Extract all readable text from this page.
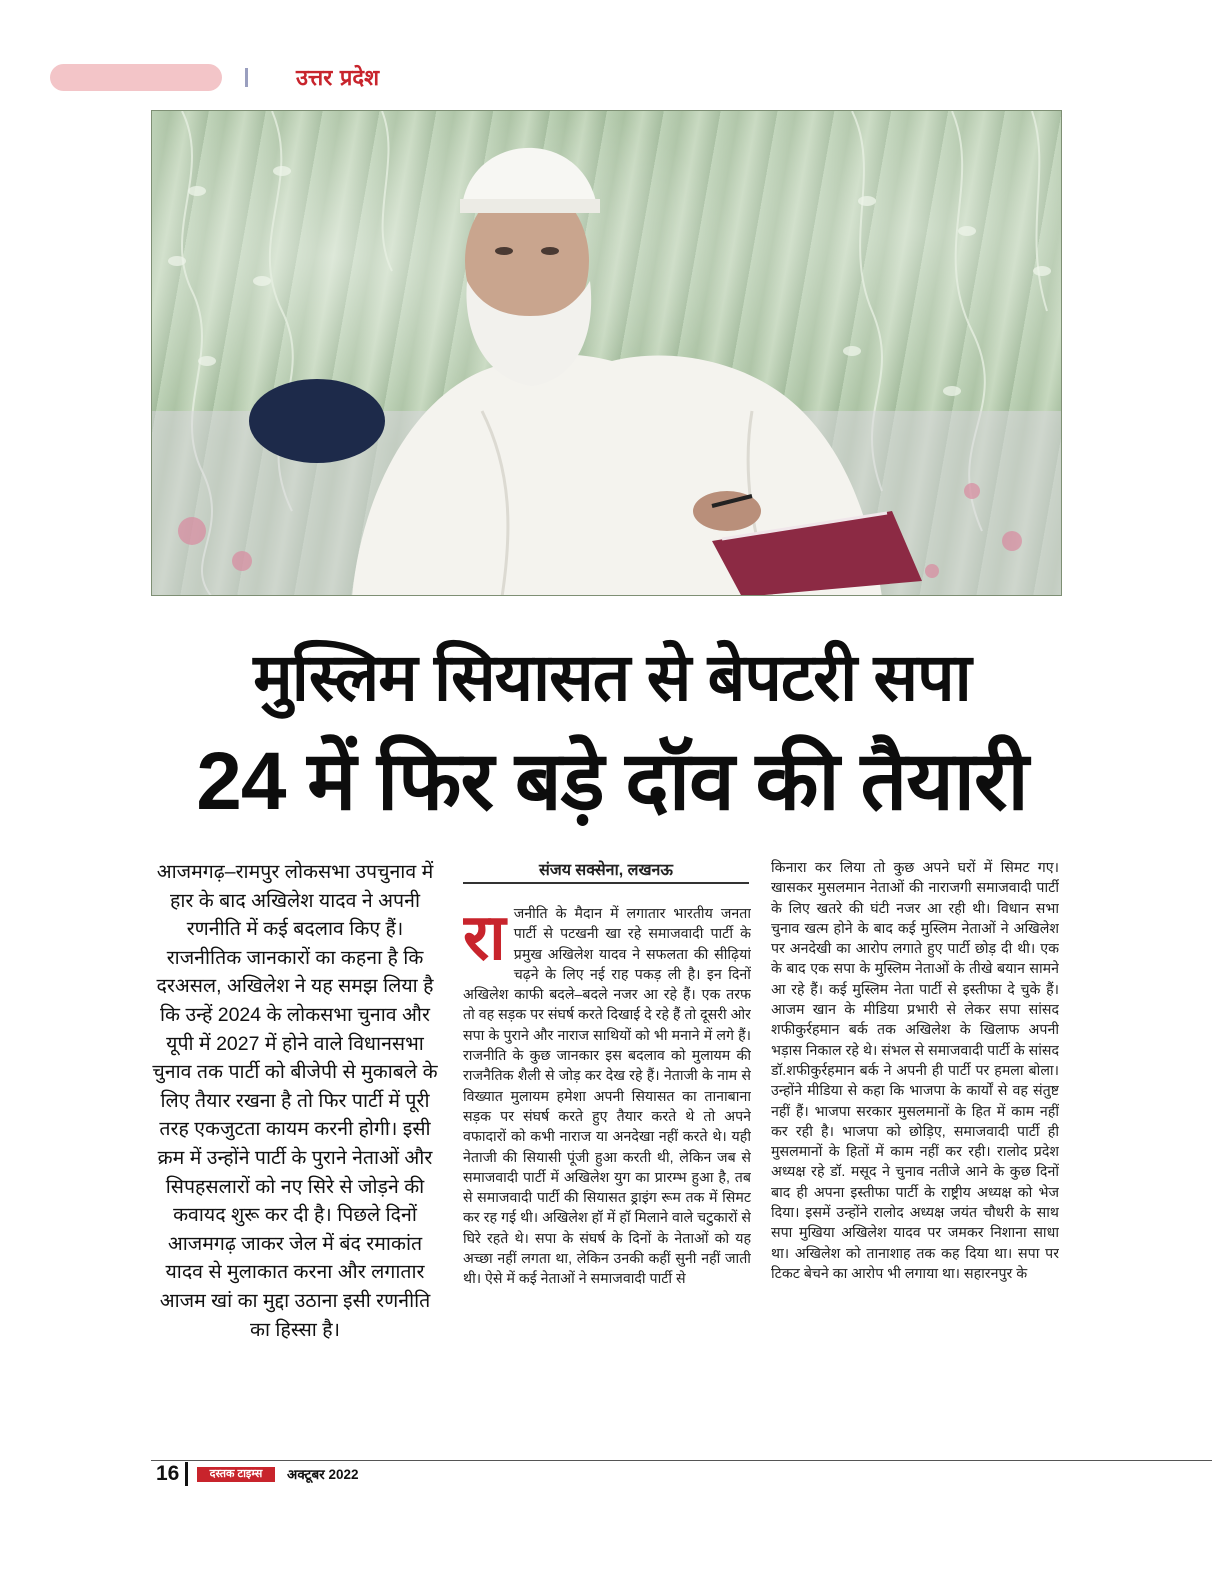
उत्तर प्रदेश
मुस्लिम सियासत से बेपटरी सपा
24 में फिर बड़े दॉव की तैयारी
आजमगढ़–रामपुर लोकसभा उपचुनाव में हार के बाद अखिलेश यादव ने अपनी रणनीति में कई बदलाव किए हैं। राजनीतिक जानकारों का कहना है कि दरअसल, अखिलेश ने यह समझ लिया है कि उन्हें 2024 के लोकसभा चुनाव और यूपी में 2027 में होने वाले विधानसभा चुनाव तक पार्टी को बीजेपी से मुकाबले के लिए तैयार रखना है तो फिर पार्टी में पूरी तरह एकजुटता कायम करनी होगी। इसी क्रम में उन्होंने पार्टी के पुराने नेताओं और सिपहसलारों को नए सिरे से जोड़ने की कवायद शुरू कर दी है। पिछले दिनों आजमगढ़ जाकर जेल में बंद रमाकांत यादव से मुलाकात करना और लगातार आजम खां का मुद्दा उठाना इसी रणनीति का हिस्सा है।
संजय सक्सेना, लखनऊ
रा जनीति के मैदान में लगातार भारतीय जनता पार्टी से पटखनी खा रहे समाजवादी पार्टी के प्रमुख अखिलेश यादव ने सफलता की सीढ़ियां चढ़ने के लिए नई राह पकड़ ली है। इन दिनों अखिलेश काफी बदले–बदले नजर आ रहे हैं। एक तरफ तो वह सड़क पर संघर्ष करते दिखाई दे रहे हैं तो दूसरी ओर सपा के पुराने और नाराज साथियों को भी मनाने में लगे हैं। राजनीति के कुछ जानकार इस बदलाव को मुलायम की राजनैतिक शैली से जोड़ कर देख रहे हैं। नेताजी के नाम से विख्यात मुलायम हमेशा अपनी सियासत का तानाबाना सड़क पर संघर्ष करते हुए तैयार करते थे तो अपने वफादारों को कभी नाराज या अनदेखा नहीं करते थे। यही नेताजी की सियासी पूंजी हुआ करती थी, लेकिन जब से समाजवादी पार्टी में अखिलेश युग का प्रारम्भ हुआ है, तब से समाजवादी पार्टी की सियासत ड्राइंग रूम तक में सिमट कर रह गई थी। अखिलेश हॉ में हॉ मिलाने वाले चटुकारों से घिरे रहते थे। सपा के संघर्ष के दिनों के नेताओं को यह अच्छा नहीं लगता था, लेकिन उनकी कहीं सुनी नहीं जाती थी। ऐसे में कई नेताओं ने समाजवादी पार्टी से
किनारा कर लिया तो कुछ अपने घरों में सिमट गए। खासकर मुसलमान नेताओं की नाराजगी समाजवादी पार्टी के लिए खतरे की घंटी नजर आ रही थी। विधान सभा चुनाव खत्म होने के बाद कई मुस्लिम नेताओं ने अखिलेश पर अनदेखी का आरोप लगाते हुए पार्टी छोड़ दी थी। एक के बाद एक सपा के मुस्लिम नेताओं के तीखे बयान सामने आ रहे हैं। कई मुस्लिम नेता पार्टी से इस्तीफा दे चुके हैं। आजम खान के मीडिया प्रभारी से लेकर सपा सांसद शफीकुर्रहमान बर्क तक अखिलेश के खिलाफ अपनी भड़ास निकाल रहे थे। संभल से समाजवादी पार्टी के सांसद डॉ.शफीकुर्रहमान बर्क ने अपनी ही पार्टी पर हमला बोला। उन्होंने मीडिया से कहा कि भाजपा के कार्यों से वह संतुष्ट नहीं हैं। भाजपा सरकार मुसलमानों के हित में काम नहीं कर रही है। भाजपा को छोड़िए, समाजवादी पार्टी ही मुसलमानों के हितों में काम नहीं कर रही। रालोद प्रदेश अध्यक्ष रहे डॉ. मसूद ने चुनाव नतीजे आने के कुछ दिनों बाद ही अपना इस्तीफा पार्टी के राष्ट्रीय अध्यक्ष को भेज दिया। इसमें उन्होंने रालोद अध्यक्ष जयंत चौधरी के साथ सपा मुखिया अखिलेश यादव पर जमकर निशाना साधा था। अखिलेश को तानाशाह तक कह दिया था। सपा पर टिकट बेचने का आरोप भी लगाया था। सहारनपुर के
16	दस्तक टाइम्स	अक्टूबर 2022
